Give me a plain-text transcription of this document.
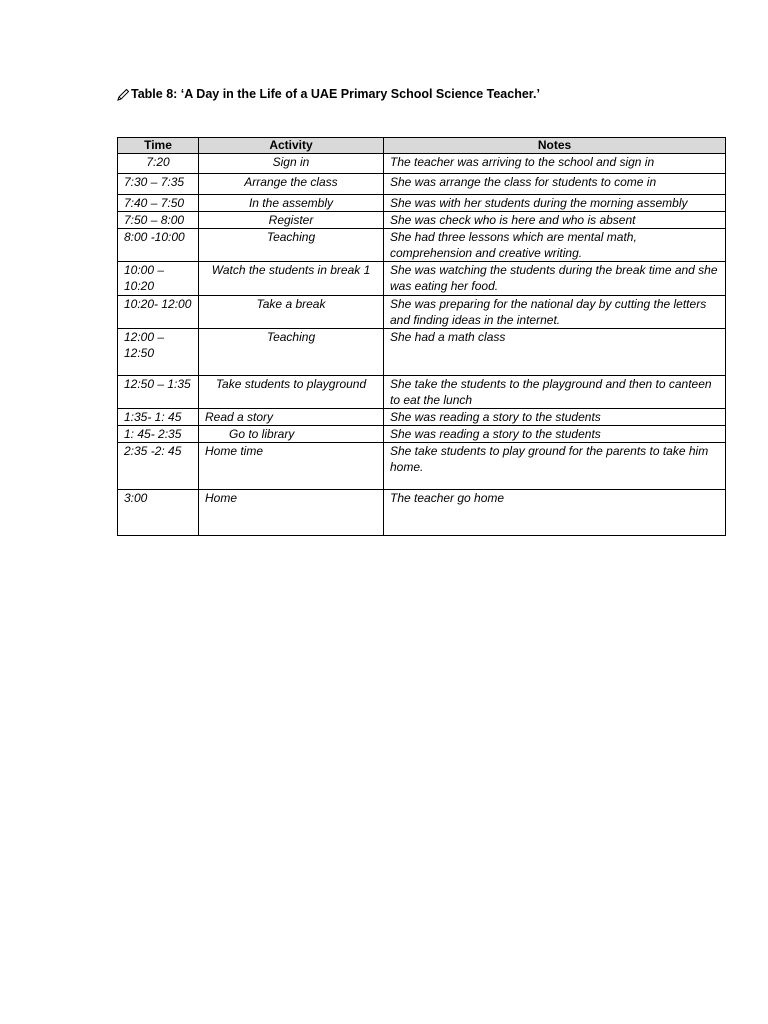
Table 8: ‘A Day in the Life of a UAE Primary School Science Teacher.’
Time	Activity	Notes
7:20	Sign in	The teacher was arriving to the school and sign in
7:30 – 7:35	Arrange the class	She was arrange the class for students to come in
7:40 – 7:50	In the assembly	She was with her students during the morning assembly
7:50 – 8:00	Register	She was check who is here and who is absent
8:00 -10:00	Teaching	She had three lessons which are mental math, comprehension and creative writing.
10:00 – 10:20	Watch the students in break 1	She was watching the students during the break time and she was eating her food.
10:20- 12:00	Take a break	She was preparing for the national day by cutting the letters and finding ideas in the internet.
12:00 – 12:50	Teaching	She had a math class
12:50 – 1:35	Take students to playground	She take the students to the playground and then to canteen to eat the lunch
1:35- 1: 45	Read a story	She was reading a story to the students
1: 45- 2:35	Go to library	She was reading a story to the students
2:35 -2: 45	Home time	She take students to play ground for the parents to take him home.
3:00	Home	The teacher go home
